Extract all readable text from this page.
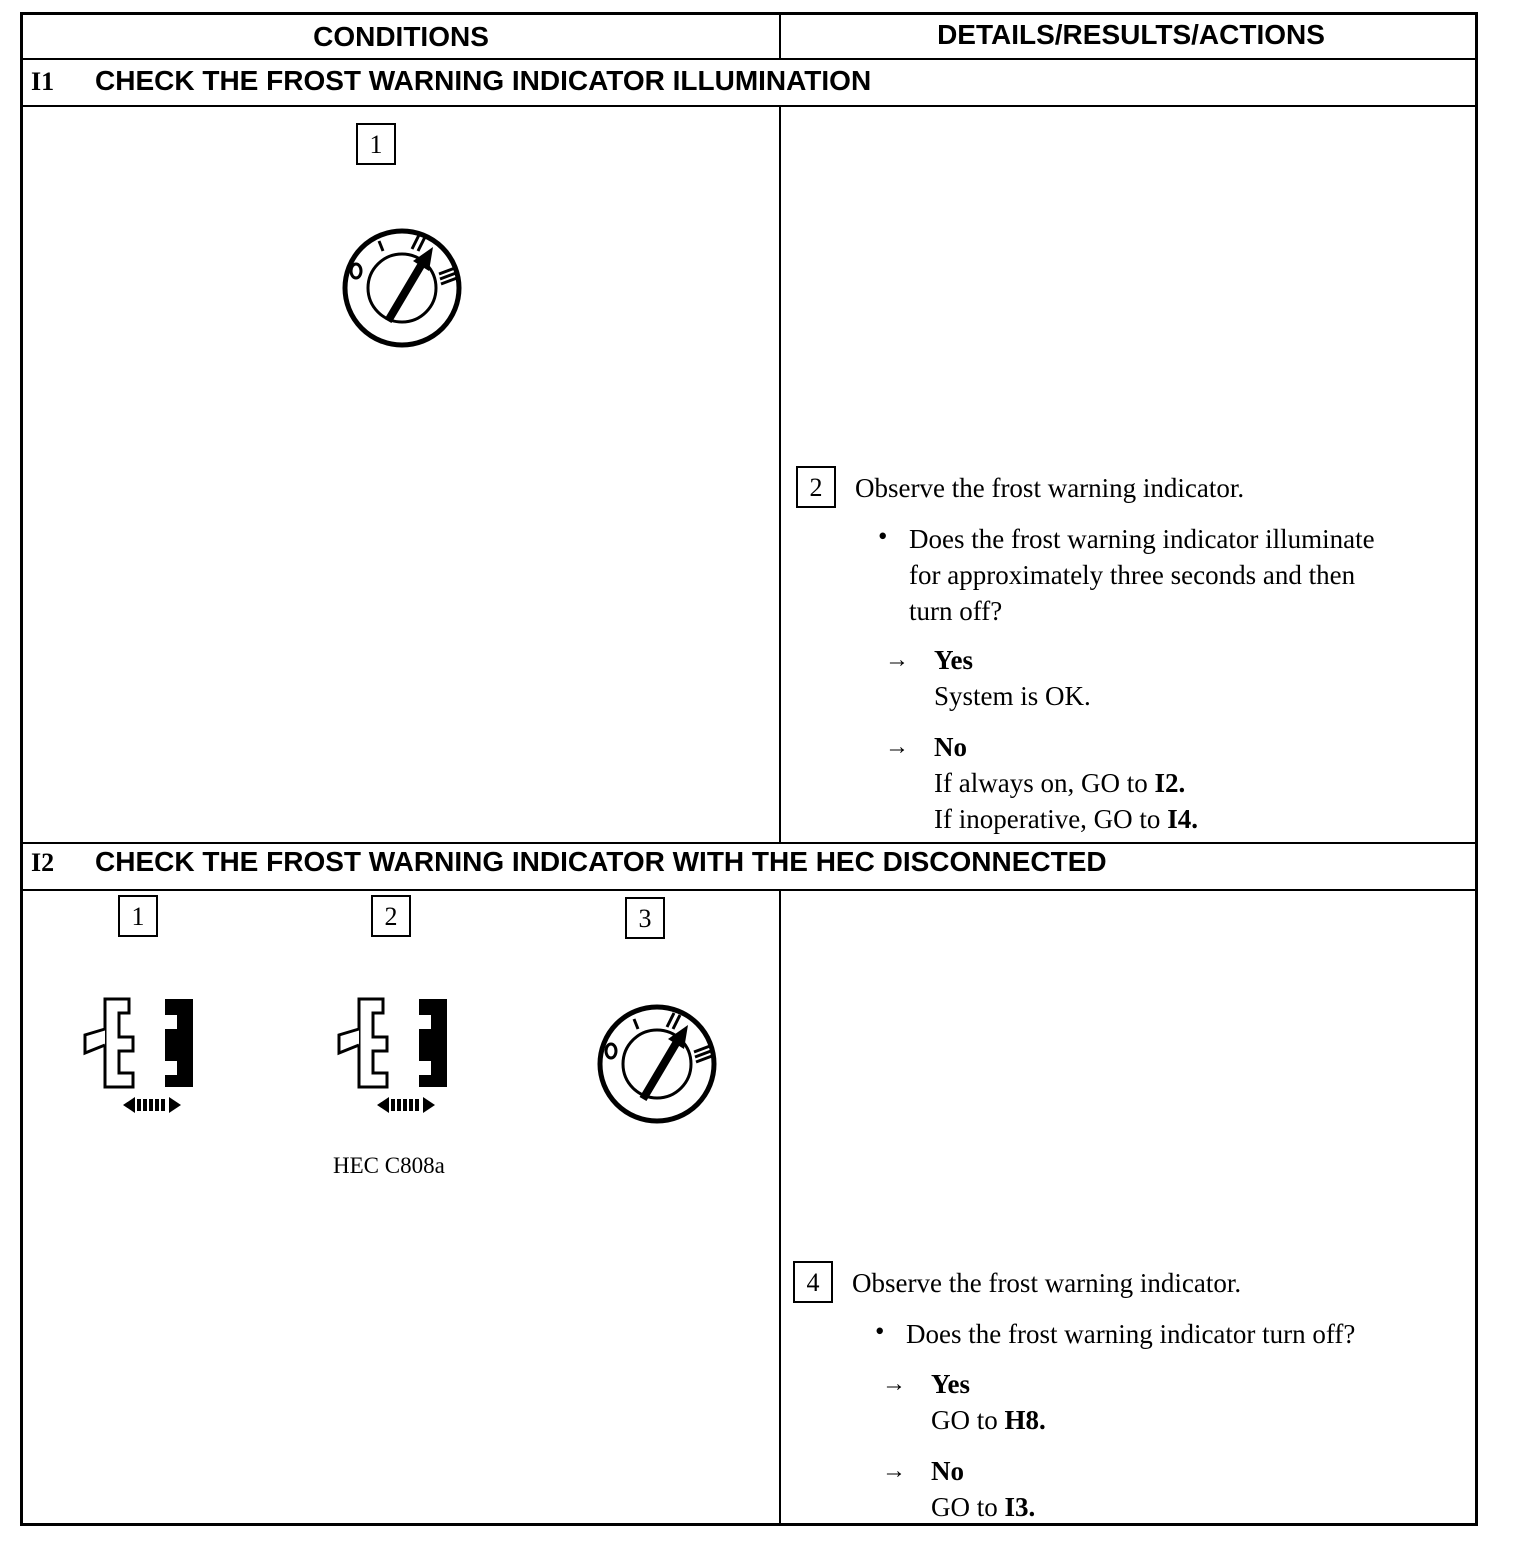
CONDITIONS	DETAILS/RESULTS/ACTIONS
I1 CHECK THE FROST WARNING INDICATOR ILLUMINATION
1
2	Observe the frost warning indicator.
• Does the frost warning indicator illuminate
for approximately three seconds and then
turn off?
→ Yes
System is OK.
→ No
If always on, GO to I2.
If inoperative, GO to I4.
I2 CHECK THE FROST WARNING INDICATOR WITH THE HEC DISCONNECTED
1	2	3
HEC C808a
4	Observe the frost warning indicator.
• Does the frost warning indicator turn off?
→ Yes
GO to H8.
→ No
GO to I3.
